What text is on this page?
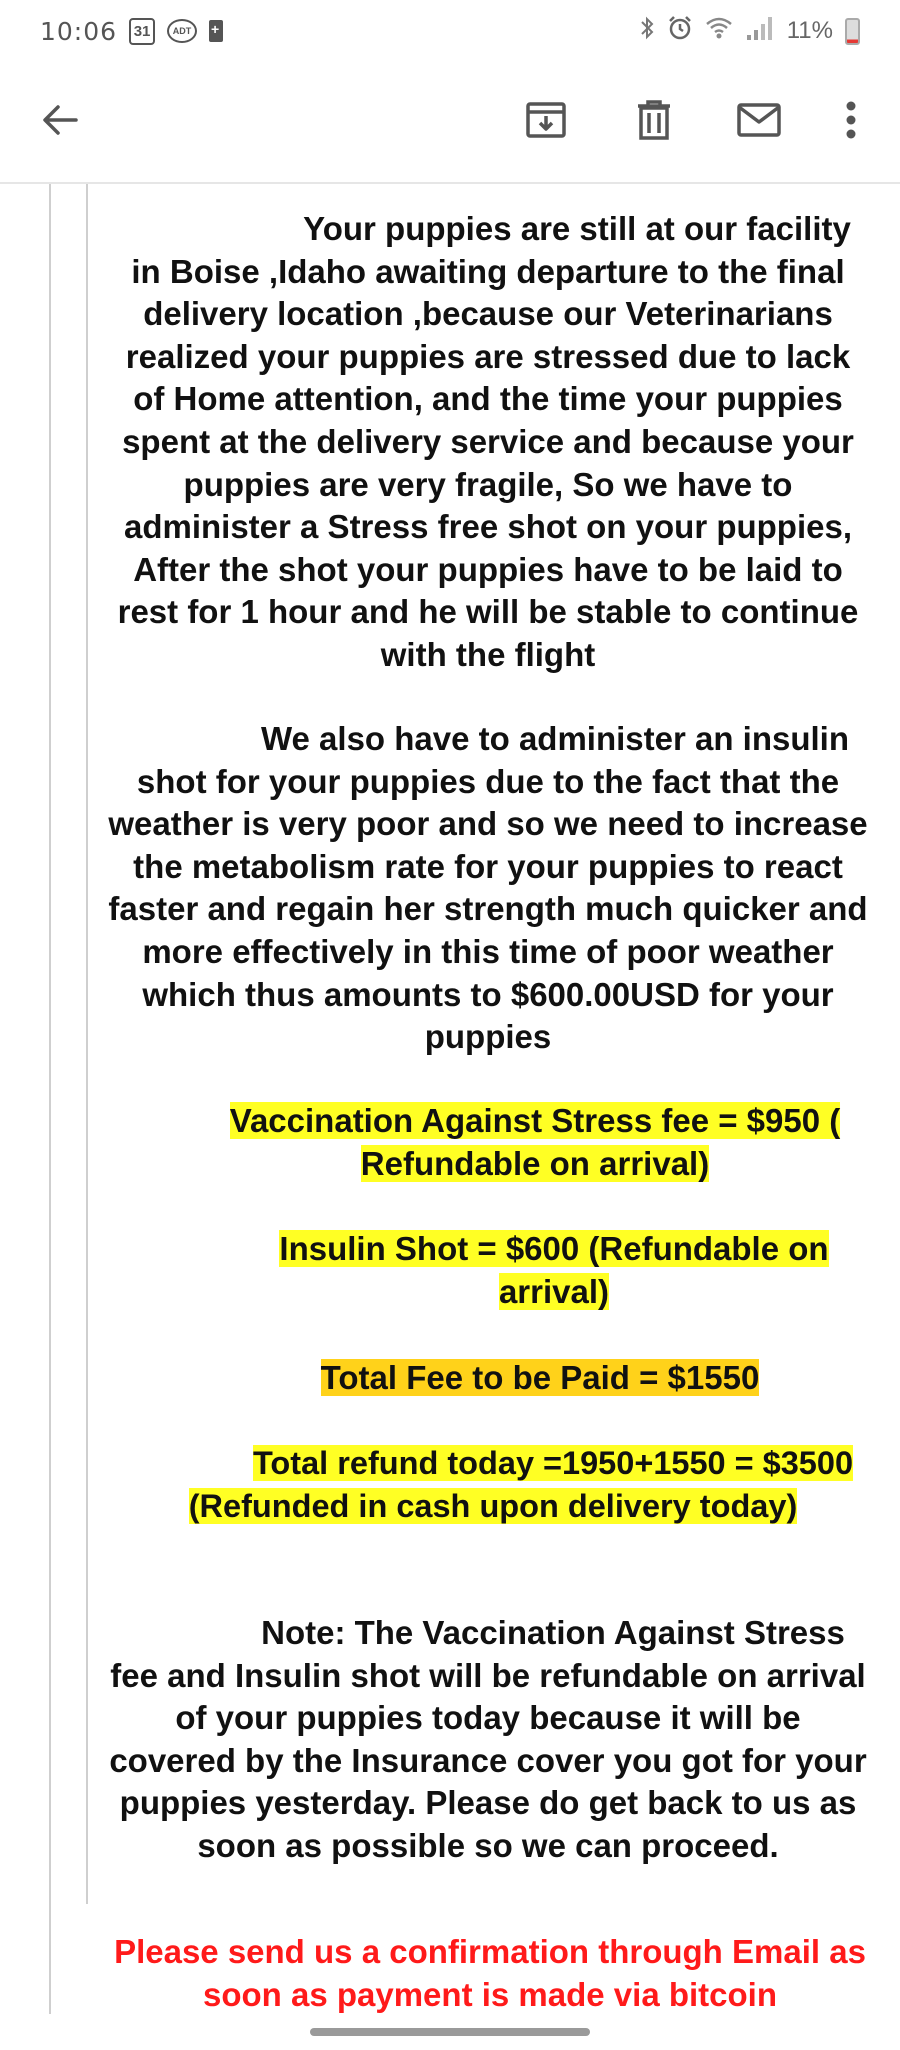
10:06	31	ADT
+	11%

Your puppies are still at our facility in Boise ,Idaho awaiting departure to the final delivery location ,because our Veterinarians realized your puppies are stressed due to lack of Home attention, and the time your puppies spent at the delivery service and because your puppies are very fragile, So we have to administer a Stress free shot on your puppies, After the shot your puppies have to be laid to rest for 1 hour and he will be stable to continue with the flight

We also have to administer an insulin shot for your puppies due to the fact that the weather is very poor and so we need to increase the metabolism rate for your puppies to react faster and regain her strength much quicker and more effectively in this time of poor weather which thus amounts to $600.00USD for your puppies

Vaccination Against Stress fee = $950 ( Refundable on arrival)

Insulin Shot = $600 (Refundable on arrival)

Total Fee to be Paid = $1550

Total refund today =1950+1550 = $3500 (Refunded in cash upon delivery today)

Note: The Vaccination Against Stress fee and Insulin shot will be refundable on arrival of your puppies today because it will be covered by the Insurance cover you got for your puppies yesterday. Please do get back to us as soon as possible so we can proceed.

Please send us a confirmation through Email as soon as payment is made via bitcoin
